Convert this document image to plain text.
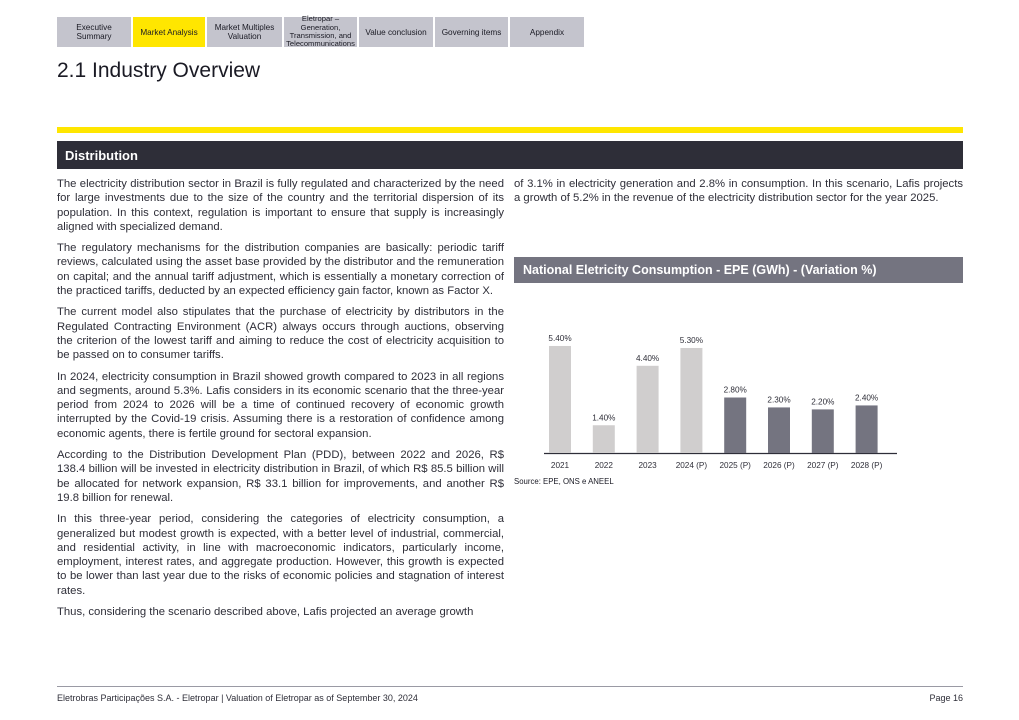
Executive Summary	Market Analysis	Market Multiples Valuation
Eletropar – Generation, Transmission, and Telecommunications
Value conclusion Governing items	Appendix
2.1 Industry Overview
Distribution

The electricity distribution sector in Brazil is fully regulated and characterized by the need for large investments due to the size of the country and the territorial dispersion of its population. In this context, regulation is important to ensure that supply is increasingly aligned with specialized demand.

The regulatory mechanisms for the distribution companies are basically: periodic tariff reviews, calculated using the asset base provided by the distributor and the remuneration on capital; and the annual tariff adjustment, which is essentially a monetary correction of the practiced tariffs, deducted by an expected efficiency gain factor, known as Factor X.

The current model also stipulates that the purchase of electricity by distributors in the Regulated Contracting Environment (ACR) always occurs through auctions, observing the criterion of the lowest tariff and aiming to reduce the cost of electricity acquisition to be passed on to consumer tariffs.

In 2024, electricity consumption in Brazil showed growth compared to 2023 in all regions and segments, around 5.3%. Lafis considers in its economic scenario that the three-year period from 2024 to 2026 will be a time of continued recovery of economic growth interrupted by the Covid-19 crisis. Assuming there is a restoration of confidence among economic agents, there is fertile ground for sectoral expansion.

According to the Distribution Development Plan (PDD), between 2022 and 2026, R$ 138.4 billion will be invested in electricity distribution in Brazil, of which R$ 85.5 billion will be allocated for network expansion, R$ 33.1 billion for improvements, and another R$ 19.8 billion for renewal.

In this three-year period, considering the categories of electricity consumption, a generalized but modest growth is expected, with a better level of industrial, commercial, and residential activity, in line with macroeconomic indicators, particularly income, employment, interest rates, and aggregate production. However, this growth is expected to be lower than last year due to the risks of economic policies and stagnation of interest rates.

Thus, considering the scenario described above, Lafis projected an average growth

of 3.1% in electricity generation and 2.8% in consumption. In this scenario, Lafis projects a growth of 5.2% in the revenue of the electricity distribution sector for the year 2025.
National Eletricity Consumption - EPE (GWh) - (Variation %)
5.40%
2021
1.40%
2022
4.40%
2023
5.30%
2024 (P)
2.80%
2025 (P)
2.30%
2026 (P)
2.20%
2027 (P)
2.40%
2028 (P)
Source: EPE, ONS e ANEEL
Eletrobras Participações S.A. - Eletropar | Valuation of Eletropar as of September 30, 2024	Page 16
